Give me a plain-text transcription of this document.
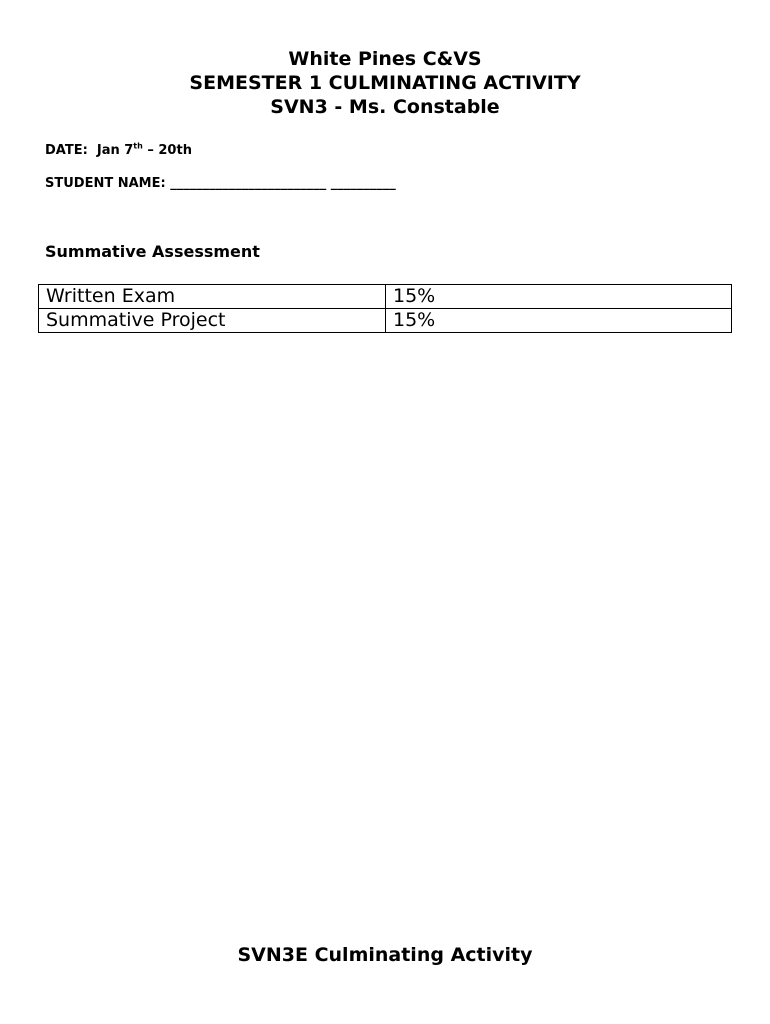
White Pines C&VS
SEMESTER 1 CULMINATING ACTIVITY
SVN3 - Ms. Constable
DATE: Jan 7th – 20th
STUDENT NAME: ________________________ __________
Summative Assessment
Written Exam	15%
Summative Project	15%
SVN3E Culminating Activity
